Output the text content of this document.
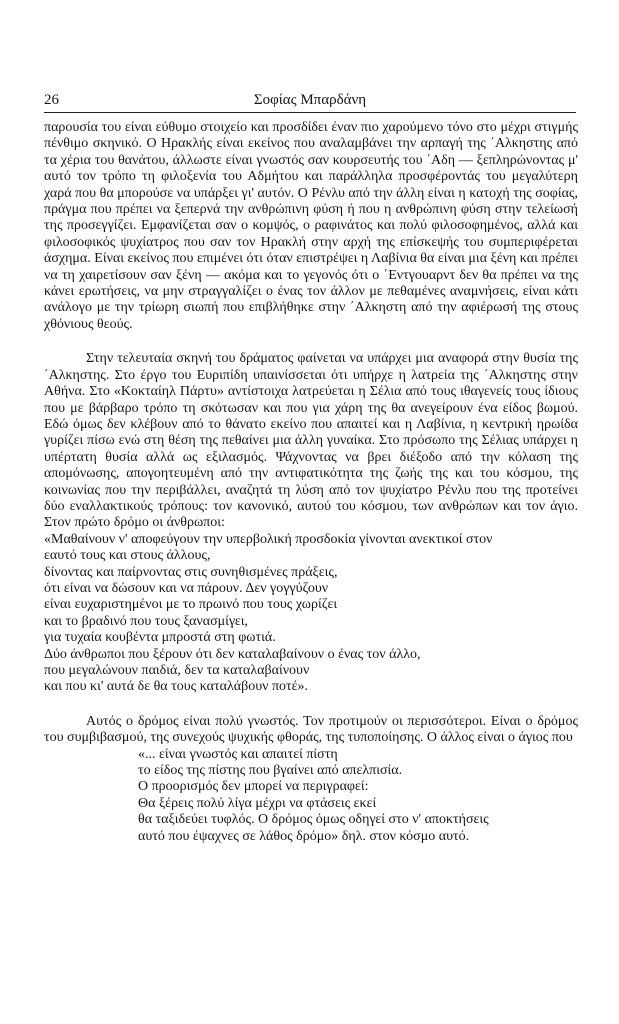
26	Σοφίας Μπαρδάνη

παρουσία του είναι εύθυμο στοιχείο και προσδίδει έναν πιο χαρούμενο τόνο στο μέχρι στιγμής πένθιμο σκηνικό. Ο Ηρακλής είναι εκείνος που αναλαμβάνει την αρπαγή της ΄Αλκηστης από τα χέρια του θανάτου, άλλωστε είναι γνωστός σαν κουρσευτής του ΄Αδη — ξεπληρώνοντας μ' αυτό τον τρόπο τη φιλοξενία του Αδμήτου και παράλληλα προσφέροντάς του μεγαλύτερη χαρά που θα μπορούσε να υπάρξει γι' αυτόν. Ο Ρένλυ από την άλλη είναι η κατοχή της σοφίας, πράγμα που πρέπει να ξεπερνά την ανθρώπινη φύση ή που η ανθρώπινη φύση στην τελείωσή της προσεγγίζει. Εμφανίζεται σαν ο κομψός, ο ραφινάτος και πολύ φιλοσοφημένος, αλλά και φιλοσοφικός ψυχίατρος που σαν τον Ηρακλή στην αρχή της επίσκεψής του συμπεριφέρεται άσχημα. Είναι εκείνος που επιμένει ότι όταν επιστρέψει η Λαβίνια θα είναι μια ξένη και πρέπει να τη χαιρετίσουν σαν ξένη — ακόμα και το γεγονός ότι ο ΄Εντγουαρντ δεν θα πρέπει να της κάνει ερωτήσεις, να μην στραγγαλίζει ο ένας τον άλλον με πεθαμένες αναμνήσεις, είναι κάτι ανάλογο με την τρίωρη σιωπή που επιβλήθηκε στην ΄Αλκηστη από την αφιέρωσή της στους χθόνιους θεούς.

Στην τελευταία σκηνή του δράματος φαίνεται να υπάρχει μια αναφορά στην θυσία της ΄Αλκηστης. Στο έργο του Ευριπίδη υπαινίσσεται ότι υπήρχε η λατρεία της ΄Αλκηστης στην Αθήνα. Στο «Κοκταίηλ Πάρτυ» αντίστοιχα λατρεύεται η Σέλια από τους ιθαγενείς τους ίδιους που με βάρβαρο τρόπο τη σκότωσαν και που για χάρη της θα ανεγείρουν ένα είδος βωμού. Εδώ όμως δεν κλέβουν από το θάνατο εκείνο που απαιτεί και η Λαβίνια, η κεντρική ηρωίδα γυρίζει πίσω ενώ στη θέση της πεθαίνει μια άλλη γυναίκα. Στο πρόσωπο της Σέλιας υπάρχει η υπέρτατη θυσία αλλά ως εξιλασμός. Ψάχνοντας να βρει διέξοδο από την κόλαση της απομόνωσης, απογοητευμένη από την αντιφατικότητα της ζωής της και του κόσμου, της κοινωνίας που την περιβάλλει, αναζητά τη λύση από τον ψυχίατρο Ρένλυ που της προτείνει δύο εναλλακτικούς τρόπους: τον κανονικό, αυτού του κόσμου, των ανθρώπων και τον άγιο. Στον πρώτο δρόμο οι άνθρωποι:

«Μαθαίνουν ν' αποφεύγουν την υπερβολική προσδοκία γίνονται ανεκτικοί στον
εαυτό τους και στους άλλους,
δίνοντας και παίρνοντας στις συνηθισμένες πράξεις,
ότι είναι να δώσουν και να πάρουν. Δεν γογγύζουν
είναι ευχαριστημένοι με το πρωινό που τους χωρίζει
και το βραδινό που τους ξανασμίγει,
για τυχαία κουβέντα μπροστά στη φωτιά.
Δύο άνθρωποι που ξέρουν ότι δεν καταλαβαίνουν ο ένας τον άλλο,
που μεγαλώνουν παιδιά, δεν τα καταλαβαίνουν
και που κι' αυτά δε θα τους καταλάβουν ποτέ».

Αυτός ο δρόμος είναι πολύ γνωστός. Τον προτιμούν οι περισσότεροι. Είναι ο δρόμος του συμβιβασμού, της συνεχούς ψυχικής φθοράς, της τυποποίησης. Ο άλλος είναι ο άγιος που

«... είναι γνωστός και απαιτεί πίστη
το είδος της πίστης που βγαίνει από απελπισία.
Ο προορισμός δεν μπορεί να περιγραφεί:
Θα ξέρεις πολύ λίγα μέχρι να φτάσεις εκεί
θα ταξιδεύει τυφλός. Ο δρόμος όμως οδηγεί στο ν' αποκτήσεις
αυτό που έψαχνες σε λάθος δρόμο» δηλ. στον κόσμο αυτό.
